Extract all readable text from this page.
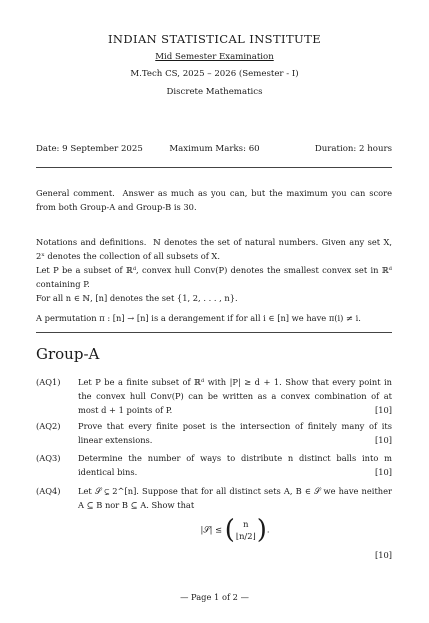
INDIAN STATISTICAL INSTITUTE
Mid Semester Examination
M.Tech CS, 2025 – 2026 (Semester - I)
Discrete Mathematics
Date: 9 September 2025	Maximum Marks: 60	Duration: 2 hours
General comment. Answer as much as you can, but the maximum you can score from both Group-A and Group-B is 30.
Notations and definitions. ℕ denotes the set of natural numbers. Given any set X, 2ˣ denotes the collection of all subsets of X.
Let P be a subset of ℝᵈ, convex hull Conv(P) denotes the smallest convex set in ℝᵈ containing P.
For all n ∈ ℕ, [n] denotes the set {1, 2, . . . , n}.
A permutation π : [n] → [n] is a derangement if for all i ∈ [n] we have π(i) ≠ i.
Group-A
(AQ1) Let P be a finite subset of ℝᵈ with |P| ≥ d + 1. Show that every point in the convex hull Conv(P) can be written as a convex combination of at most d + 1 points of P.	[10]
(AQ2) Prove that every finite poset is the intersection of finitely many of its linear extensions.	[10]
(AQ3) Determine the number of ways to distribute n distinct balls into m identical bins.	[10]
(AQ4) Let 𝒮 ⊊ 2^[n]. Suppose that for all distinct sets A, B ∈ 𝒮 we have neither A ⊆ B nor B ⊆ A. Show that
|𝒮| ≤ ( n
⌊n/2⌋ ) .
[10]
— Page 1 of 2 —
